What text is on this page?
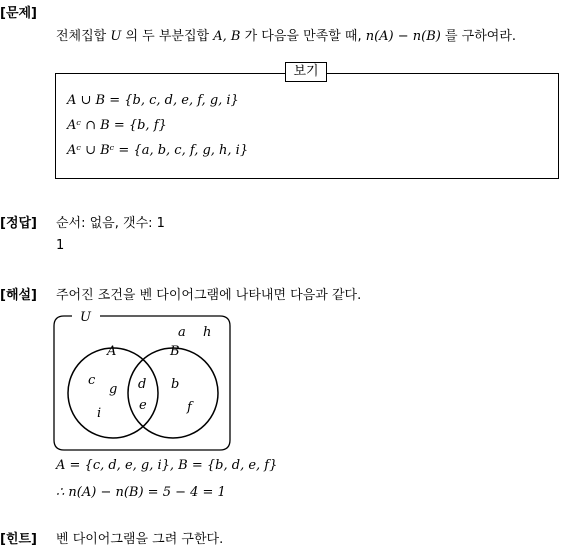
[문제]
전체집합 U 의 두 부분집합 A, B 가 다음을 만족할 때, n(A) − n(B) 를 구하여라.
보기
A ∪ B = {b, c, d, e, f, g, i}
Aᶜ ∩ B = {b, f}
Aᶜ ∪ Bᶜ = {a, b, c, f, g, h, i}
[정답] 순서: 없음, 갯수: 1
1
[해설] 주어진 조건을 벤 다이어그램에 나타내면 다음과 같다.
U
A	B
a h
c
g
i
d
e
b
f
A = {c, d, e, g, i}, B = {b, d, e, f}
∴ n(A) − n(B) = 5 − 4 = 1
[힌트] 벤 다이어그램을 그려 구한다.
